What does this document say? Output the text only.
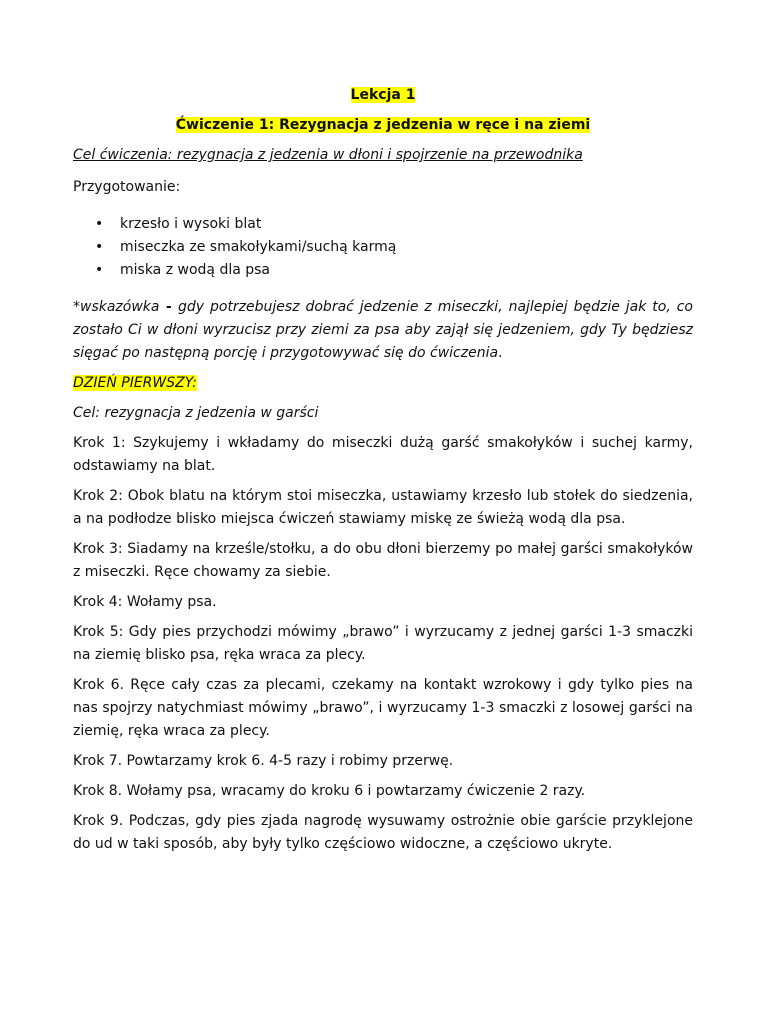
Lekcja 1

Ćwiczenie 1: Rezygnacja z jedzenia w ręce i na ziemi

Cel ćwiczenia: rezygnacja z jedzenia w dłoni i spojrzenie na przewodnika

Przygotowanie:

• krzesło i wysoki blat
• miseczka ze smakołykami/suchą karmą
• miska z wodą dla psa

*wskazówka - gdy potrzebujesz dobrać jedzenie z miseczki, najlepiej będzie jak to, co zostało Ci w dłoni wyrzucisz przy ziemi za psa aby zajął się jedzeniem, gdy Ty będziesz sięgać po następną porcję i przygotowywać się do ćwiczenia.

DZIEŃ PIERWSZY:

Cel: rezygnacja z jedzenia w garści

Krok 1: Szykujemy i wkładamy do miseczki dużą garść smakołyków i suchej karmy, odstawiamy na blat.

Krok 2: Obok blatu na którym stoi miseczka, ustawiamy krzesło lub stołek do siedzenia, a na podłodze blisko miejsca ćwiczeń stawiamy miskę ze świeżą wodą dla psa.

Krok 3: Siadamy na krześle/stołku, a do obu dłoni bierzemy po małej garści smakołyków z miseczki. Ręce chowamy za siebie.

Krok 4: Wołamy psa.

Krok 5: Gdy pies przychodzi mówimy „brawo” i wyrzucamy z jednej garści 1-3 smaczki na ziemię blisko psa, ręka wraca za plecy.

Krok 6. Ręce cały czas za plecami, czekamy na kontakt wzrokowy i gdy tylko pies na nas spojrzy natychmiast mówimy „brawo”, i wyrzucamy 1-3 smaczki z losowej garści na ziemię, ręka wraca za plecy.

Krok 7. Powtarzamy krok 6. 4-5 razy i robimy przerwę.

Krok 8. Wołamy psa, wracamy do kroku 6 i powtarzamy ćwiczenie 2 razy.

Krok 9. Podczas, gdy pies zjada nagrodę wysuwamy ostrożnie obie garście przyklejone do ud w taki sposób, aby były tylko częściowo widoczne, a częściowo ukryte.
